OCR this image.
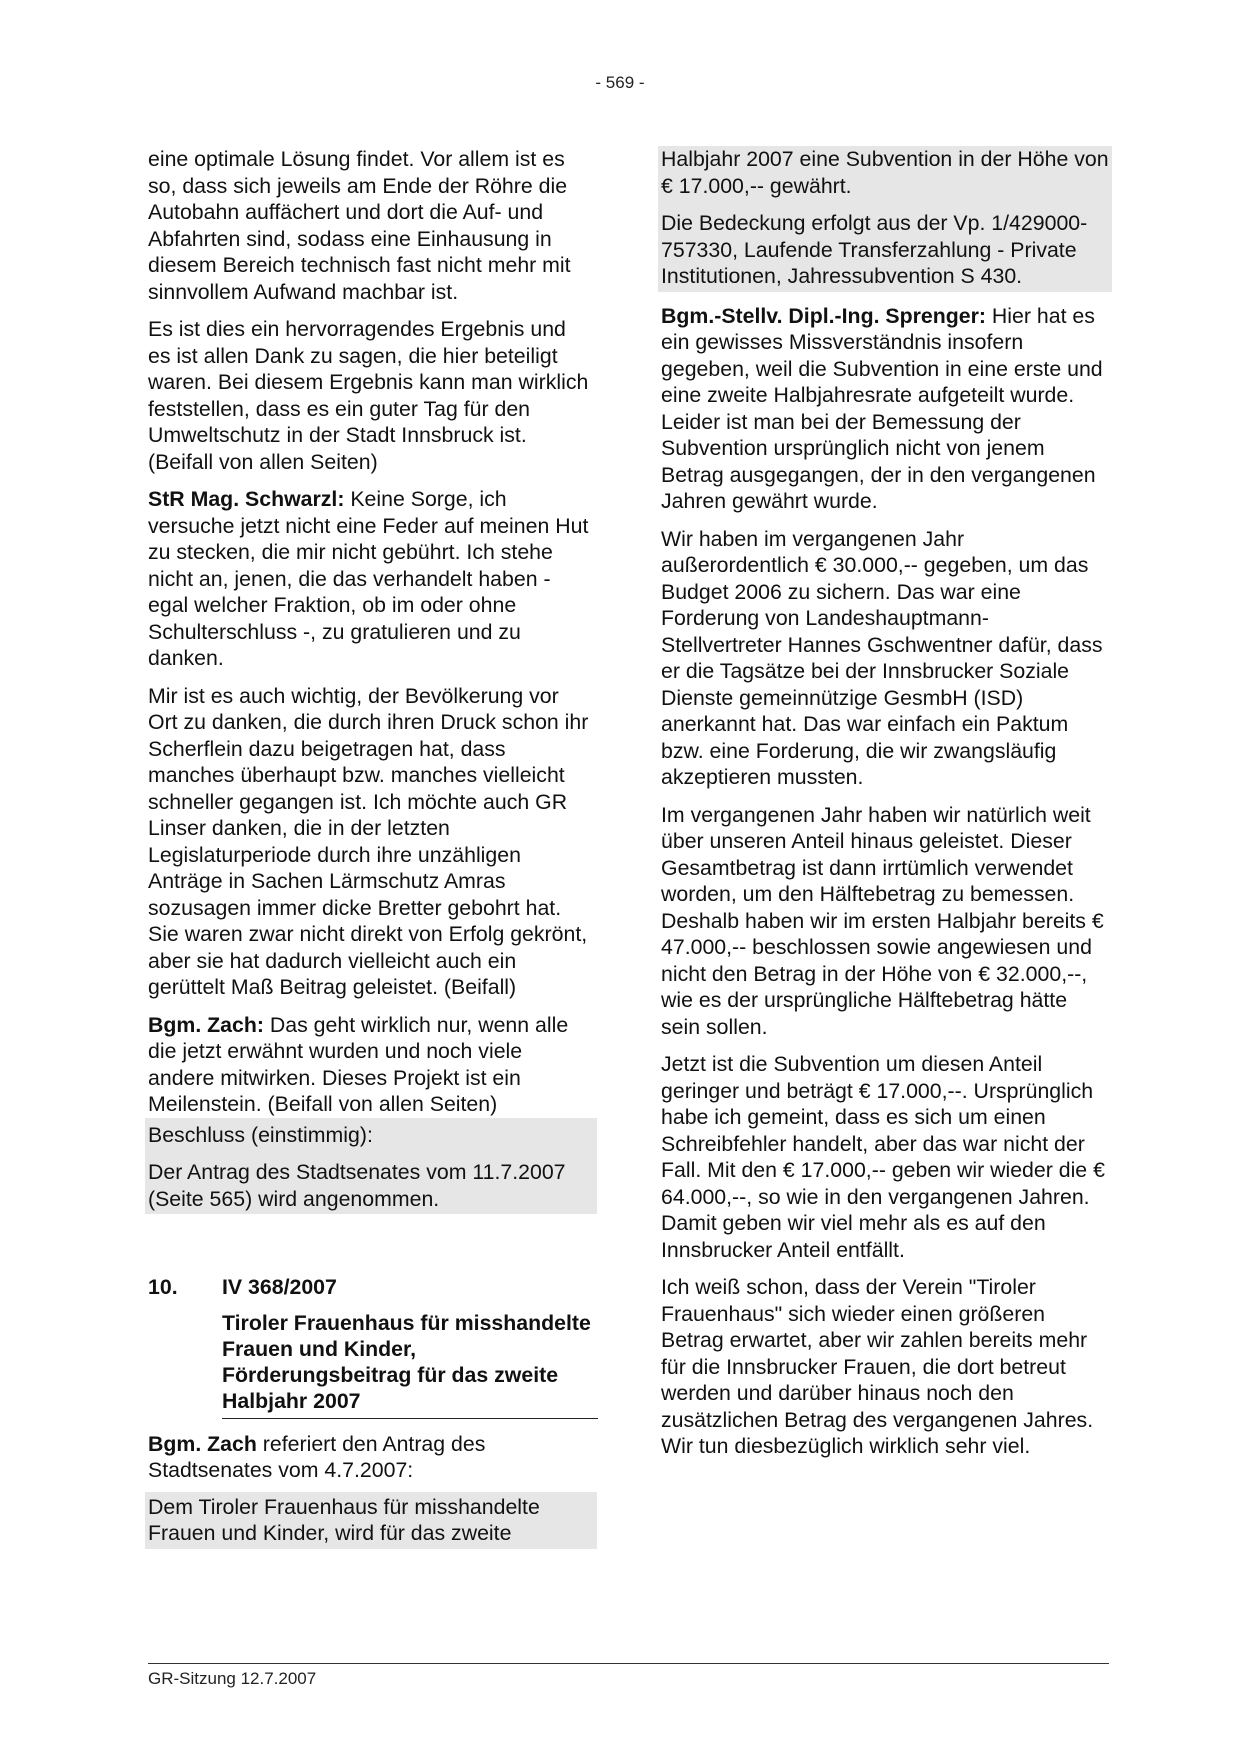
- 569 -

eine optimale Lösung findet. Vor allem ist es so, dass sich jeweils am Ende der Röhre die Autobahn auffächert und dort die Auf- und Abfahrten sind, sodass eine Einhausung in diesem Bereich technisch fast nicht mehr mit sinnvollem Aufwand machbar ist.

Es ist dies ein hervorragendes Ergebnis und es ist allen Dank zu sagen, die hier beteiligt waren. Bei diesem Ergebnis kann man wirklich feststellen, dass es ein guter Tag für den Umweltschutz in der Stadt Innsbruck ist. (Beifall von allen Seiten)

StR Mag. Schwarzl: Keine Sorge, ich versuche jetzt nicht eine Feder auf meinen Hut zu stecken, die mir nicht gebührt. Ich stehe nicht an, jenen, die das verhandelt haben - egal welcher Fraktion, ob im oder ohne Schulterschluss -, zu gratulieren und zu danken.

Mir ist es auch wichtig, der Bevölkerung vor Ort zu danken, die durch ihren Druck schon ihr Scherflein dazu beigetragen hat, dass manches überhaupt bzw. manches vielleicht schneller gegangen ist. Ich möchte auch GR Linser danken, die in der letzten Legislaturperiode durch ihre unzähligen Anträge in Sachen Lärmschutz Amras sozusagen immer dicke Bretter gebohrt hat. Sie waren zwar nicht direkt von Erfolg gekrönt, aber sie hat dadurch vielleicht auch ein gerüttelt Maß Beitrag geleistet. (Beifall)

Bgm. Zach: Das geht wirklich nur, wenn alle die jetzt erwähnt wurden und noch viele andere mitwirken. Dieses Projekt ist ein Meilenstein. (Beifall von allen Seiten)

Beschluss (einstimmig):

Der Antrag des Stadtsenates vom 11.7.2007 (Seite 565) wird angenommen.

10.	IV 368/2007
Tiroler Frauenhaus für misshandelte Frauen und Kinder, Förderungsbeitrag für das zweite Halbjahr 2007

Bgm. Zach referiert den Antrag des Stadtsenates vom 4.7.2007:

Dem Tiroler Frauenhaus für misshandelte Frauen und Kinder, wird für das zweite

Halbjahr 2007 eine Subvention in der Höhe von € 17.000,-- gewährt.

Die Bedeckung erfolgt aus der Vp. 1/429000-757330, Laufende Transferzahlung - Private Institutionen, Jahressubvention S 430.

Bgm.-Stellv. Dipl.-Ing. Sprenger: Hier hat es ein gewisses Missverständnis insofern gegeben, weil die Subvention in eine erste und eine zweite Halbjahresrate aufgeteilt wurde. Leider ist man bei der Bemessung der Subvention ursprünglich nicht von jenem Betrag ausgegangen, der in den vergangenen Jahren gewährt wurde.

Wir haben im vergangenen Jahr außerordentlich € 30.000,-- gegeben, um das Budget 2006 zu sichern. Das war eine Forderung von Landeshauptmann-Stellvertreter Hannes Gschwentner dafür, dass er die Tagsätze bei der Innsbrucker Soziale Dienste gemeinnützige GesmbH (ISD) anerkannt hat. Das war einfach ein Paktum bzw. eine Forderung, die wir zwangsläufig akzeptieren mussten.

Im vergangenen Jahr haben wir natürlich weit über unseren Anteil hinaus geleistet. Dieser Gesamtbetrag ist dann irrtümlich verwendet worden, um den Hälftebetrag zu bemessen. Deshalb haben wir im ersten Halbjahr bereits € 47.000,-- beschlossen sowie angewiesen und nicht den Betrag in der Höhe von € 32.000,--, wie es der ursprüngliche Hälftebetrag hätte sein sollen.

Jetzt ist die Subvention um diesen Anteil geringer und beträgt € 17.000,--. Ursprünglich habe ich gemeint, dass es sich um einen Schreibfehler handelt, aber das war nicht der Fall. Mit den € 17.000,-- geben wir wieder die € 64.000,--, so wie in den vergangenen Jahren. Damit geben wir viel mehr als es auf den Innsbrucker Anteil entfällt.

Ich weiß schon, dass der Verein "Tiroler Frauenhaus" sich wieder einen größeren Betrag erwartet, aber wir zahlen bereits mehr für die Innsbrucker Frauen, die dort betreut werden und darüber hinaus noch den zusätzlichen Betrag des vergangenen Jahres. Wir tun diesbezüglich wirklich sehr viel.

GR-Sitzung 12.7.2007
